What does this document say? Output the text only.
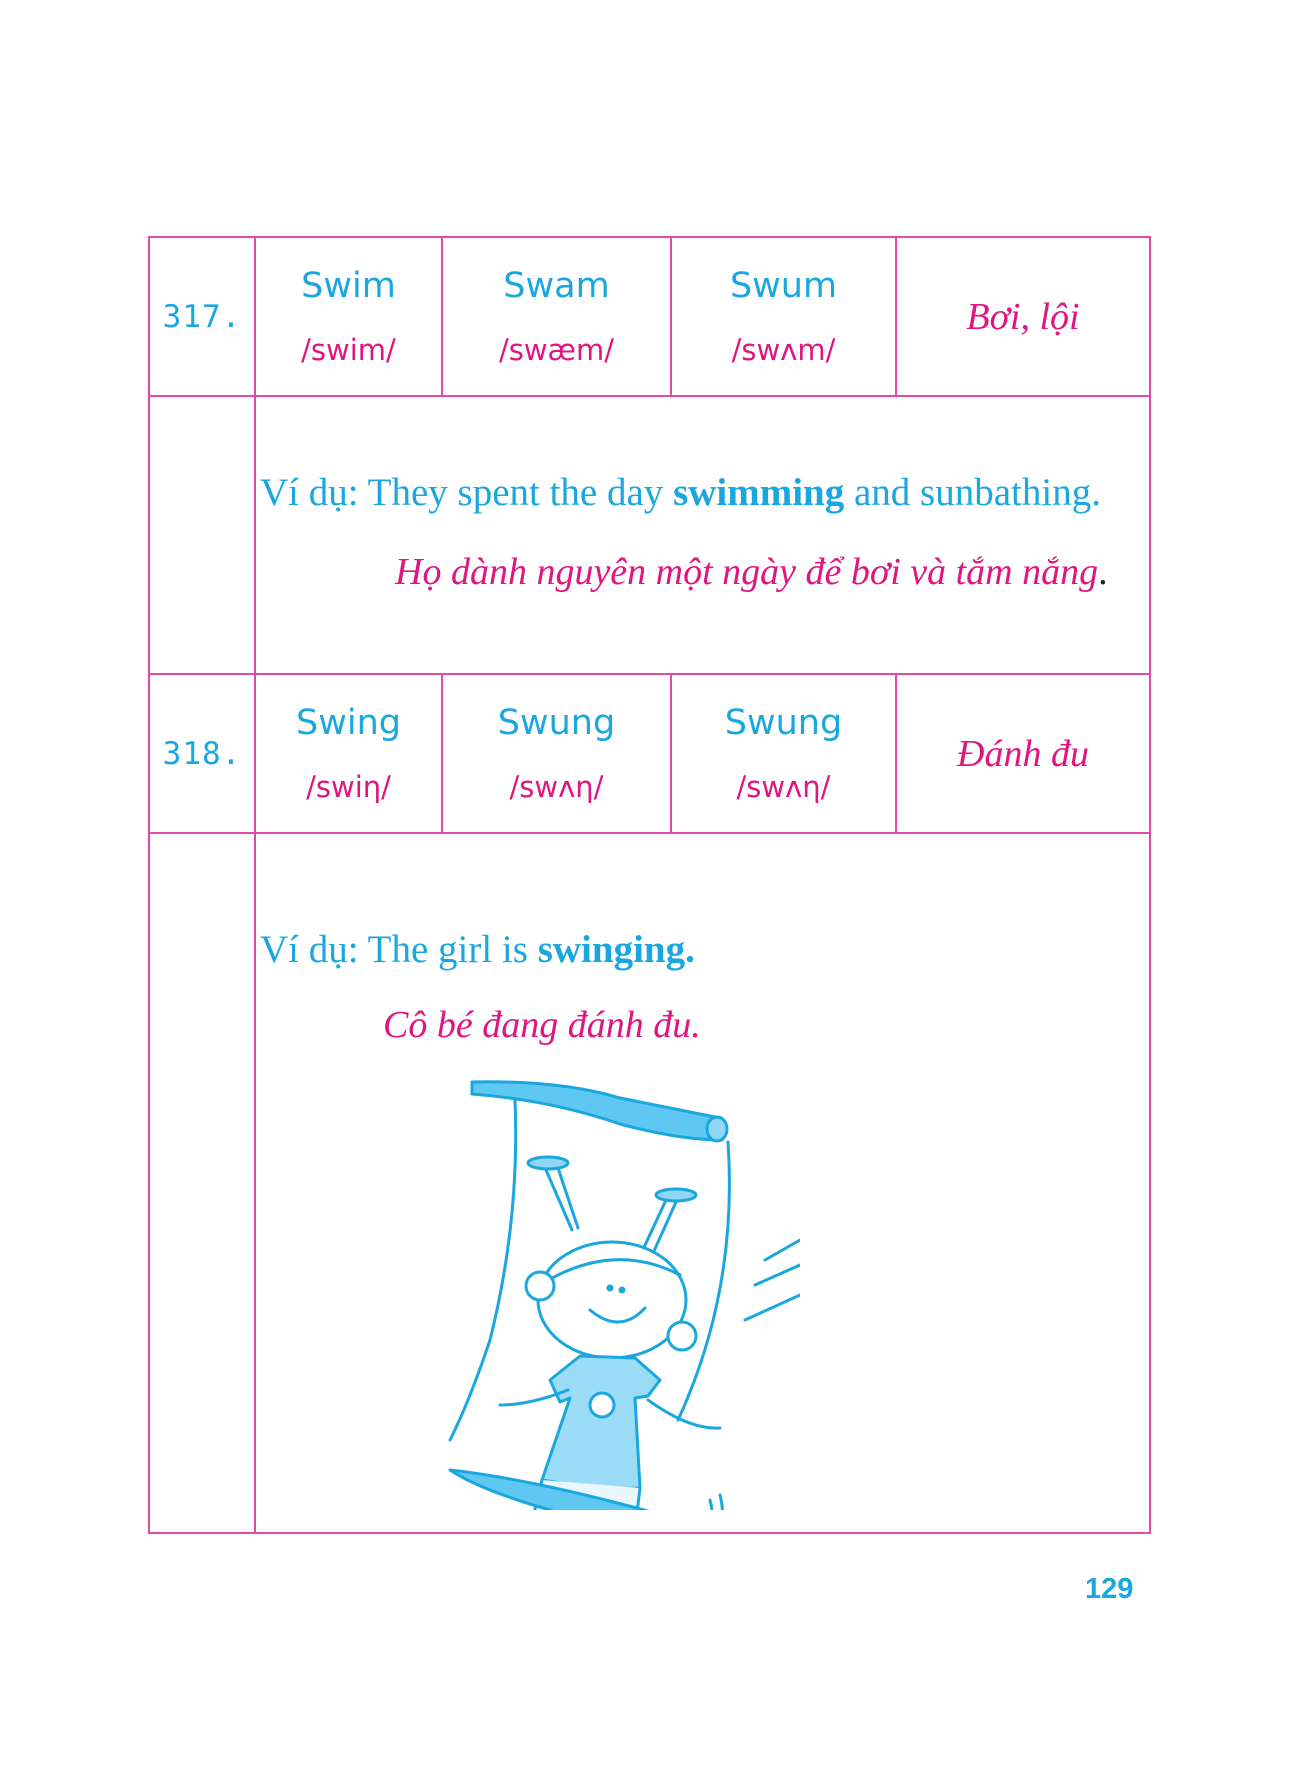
317.
Swim
/swim/
Swam
/swæm/
Swum
/swʌm/
Bơi, lội
Ví dụ: They spent the day swimming and sunbathing.
Họ dành nguyên một ngày để bơi và tắm nắng.
318.
Swing
/swiη/
Swung
/swʌη/
Swung
/swʌη/
Đánh đu
Ví dụ: The girl is swinging.
Cô bé đang đánh đu.
129
